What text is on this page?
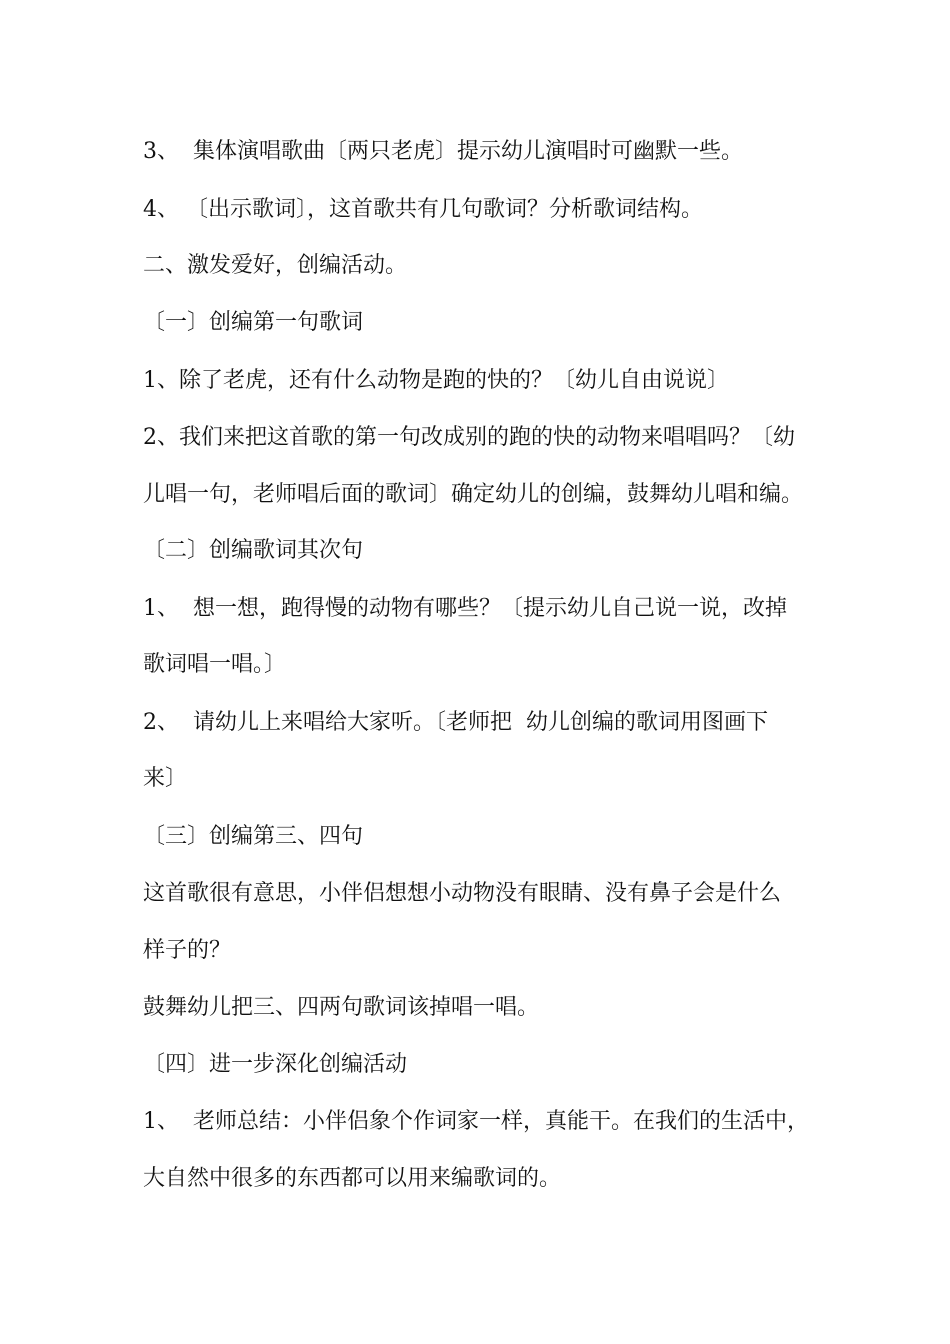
3、  集体演唱歌曲〔两只老虎〕提示幼儿演唱时可幽默一些。
4、 〔出示歌词〕，这首歌共有几句歌词？分析歌词结构。
二、激发爱好，创编活动。
〔一〕创编第一句歌词
1、除了老虎，还有什么动物是跑的快的？〔幼儿自由说说〕
2、我们来把这首歌的第一句改成别的跑的快的动物来唱唱吗？〔幼
儿唱一句，老师唱后面的歌词〕确定幼儿的创编，鼓舞幼儿唱和编。
〔二〕创编歌词其次句
1、  想一想，跑得慢的动物有哪些？〔提示幼儿自己说一说，改掉
歌词唱一唱。〕
2、  请幼儿上来唱给大家听。〔老师把  幼儿创编的歌词用图画下
来〕
〔三〕创编第三、四句
这首歌很有意思，小伴侣想想小动物没有眼睛、没有鼻子会是什么
样子的？
鼓舞幼儿把三、四两句歌词该掉唱一唱。
〔四〕进一步深化创编活动
1、  老师总结：小伴侣象个作词家一样，真能干。在我们的生活中，
大自然中很多的东西都可以用来编歌词的。
